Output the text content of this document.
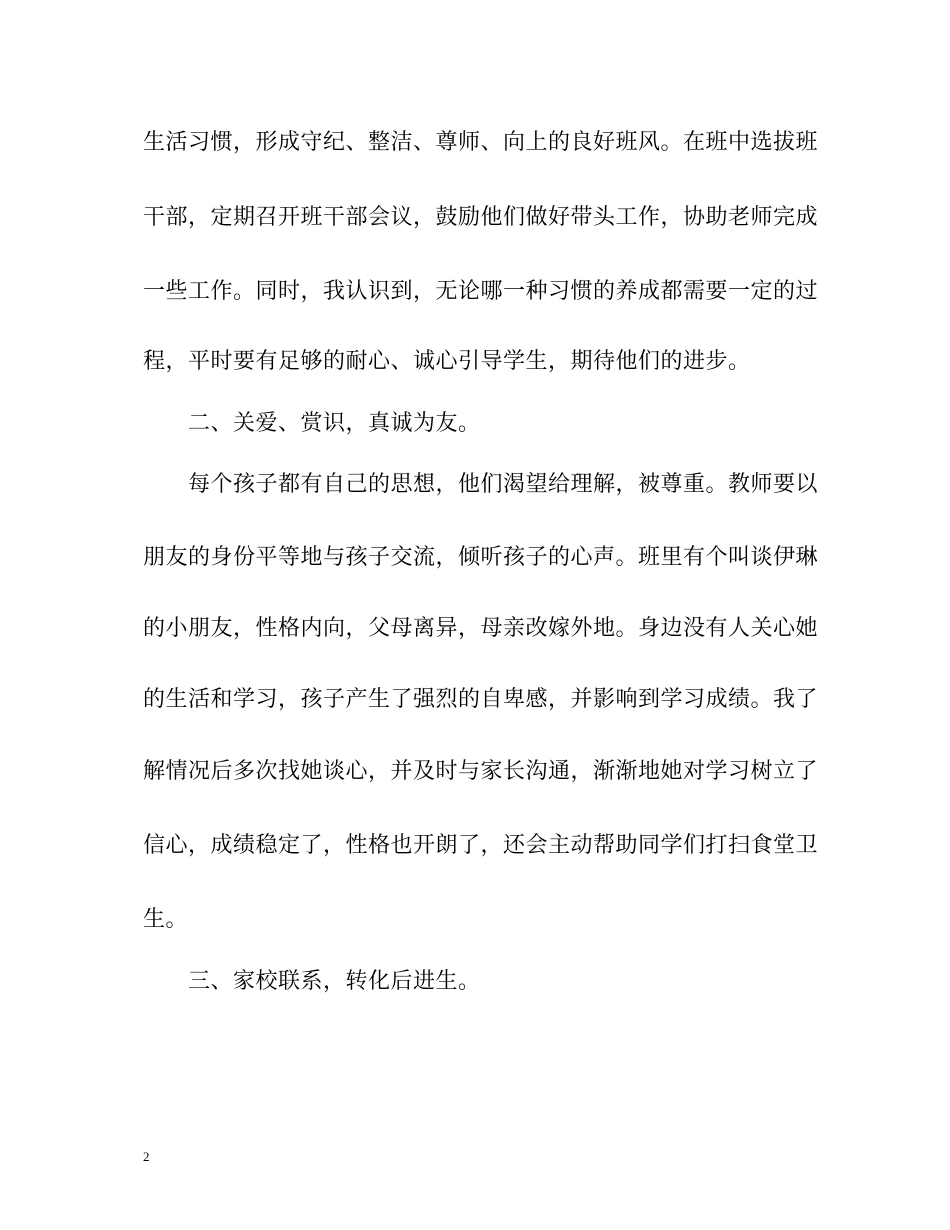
生活习惯，形成守纪、整洁、尊师、向上的良好班风。在班中选拔班
干部，定期召开班干部会议，鼓励他们做好带头工作，协助老师完成
一些工作。同时，我认识到，无论哪一种习惯的养成都需要一定的过
程，平时要有足够的耐心、诚心引导学生，期待他们的进步。
二、关爱、赏识，真诚为友。
每个孩子都有自己的思想，他们渴望给理解，被尊重。教师要以
朋友的身份平等地与孩子交流，倾听孩子的心声。班里有个叫谈伊琳
的小朋友，性格内向，父母离异，母亲改嫁外地。身边没有人关心她
的生活和学习，孩子产生了强烈的自卑感，并影响到学习成绩。我了
解情况后多次找她谈心，并及时与家长沟通，渐渐地她对学习树立了
信心，成绩稳定了，性格也开朗了，还会主动帮助同学们打扫食堂卫
生。
三、家校联系，转化后进生。
2
